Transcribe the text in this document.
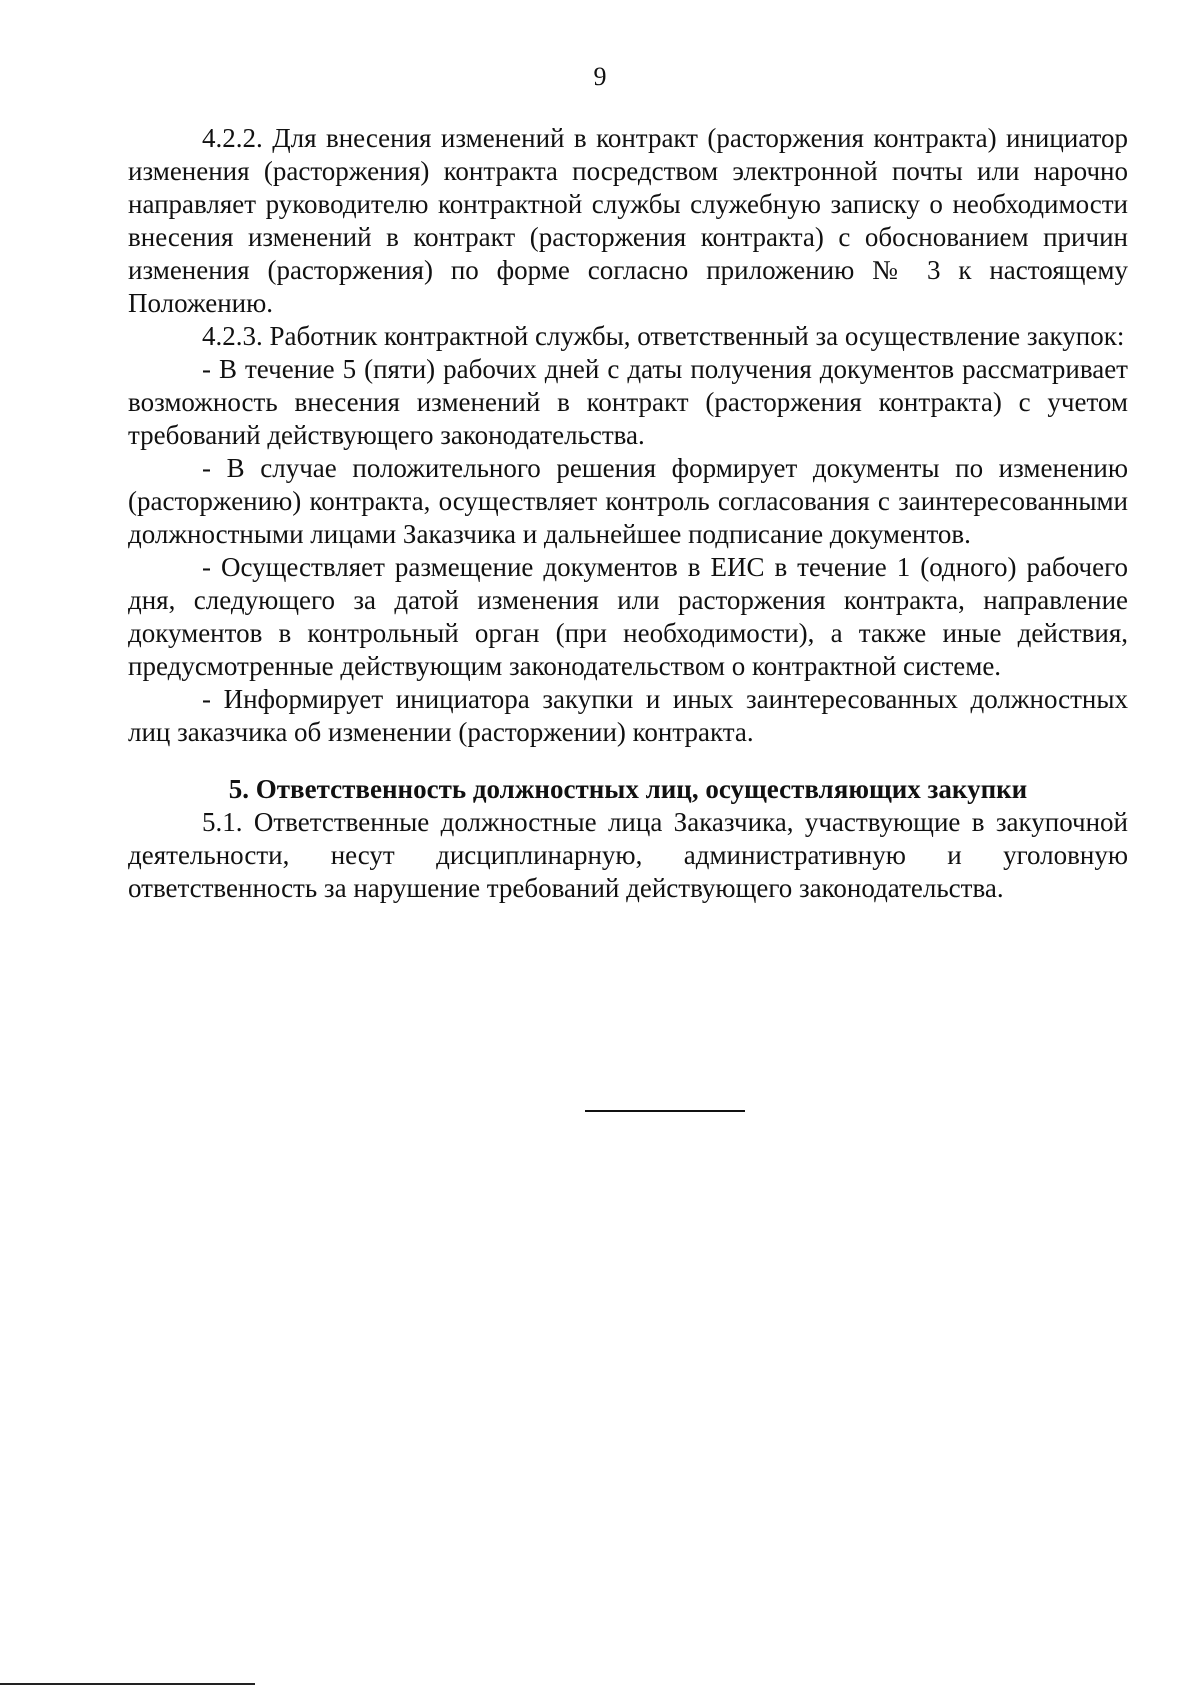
9

4.2.2. Для внесения изменений в контракт (расторжения контракта) инициатор изменения (расторжения) контракта посредством электронной почты или нарочно направляет руководителю контрактной службы служебную записку о необходимости внесения изменений в контракт (расторжения контракта) с обоснованием причин изменения (расторжения) по форме согласно приложению № 3 к настоящему Положению.

4.2.3. Работник контрактной службы, ответственный за осуществление закупок:

- В течение 5 (пяти) рабочих дней с даты получения документов рассматривает возможность внесения изменений в контракт (расторжения контракта) с учетом требований действующего законодательства.

- В случае положительного решения формирует документы по изменению (расторжению) контракта, осуществляет контроль согласования с заинтересованными должностными лицами Заказчика и дальнейшее подписание документов.

- Осуществляет размещение документов в ЕИС в течение 1 (одного) рабочего дня, следующего за датой изменения или расторжения контракта, направление документов в контрольный орган (при необходимости), а также иные действия, предусмотренные действующим законодательством о контрактной системе.

- Информирует инициатора закупки и иных заинтересованных должностных лиц заказчика об изменении (расторжении) контракта.

5. Ответственность должностных лиц, осуществляющих закупки

5.1. Ответственные должностные лица Заказчика, участвующие в закупочной деятельности, несут дисциплинарную, административную и уголовную ответственность за нарушение требований действующего законодательства.
